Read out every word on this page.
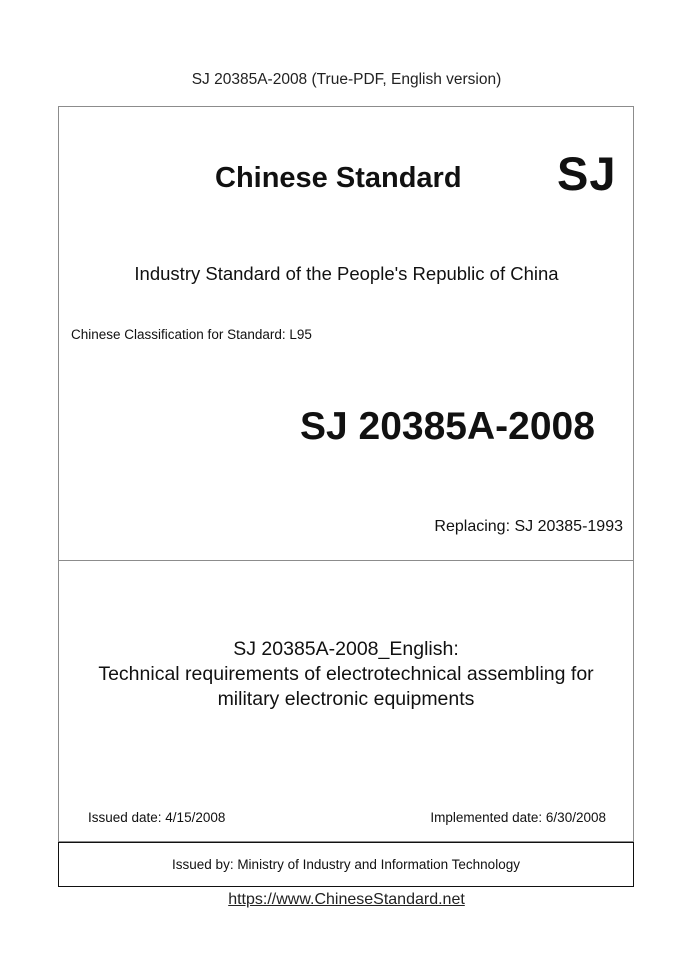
SJ 20385A-2008 (True-PDF, English version)
Chinese Standard SJ
Industry Standard of the People's Republic of China
Chinese Classification for Standard: L95
SJ 20385A-2008
Replacing: SJ 20385-1993
SJ 20385A-2008_English:
Technical requirements of electrotechnical assembling for
military electronic equipments
Issued date: 4/15/2008	Implemented date: 6/30/2008
Issued by: Ministry of Industry and Information Technology
https://www.ChineseStandard.net
